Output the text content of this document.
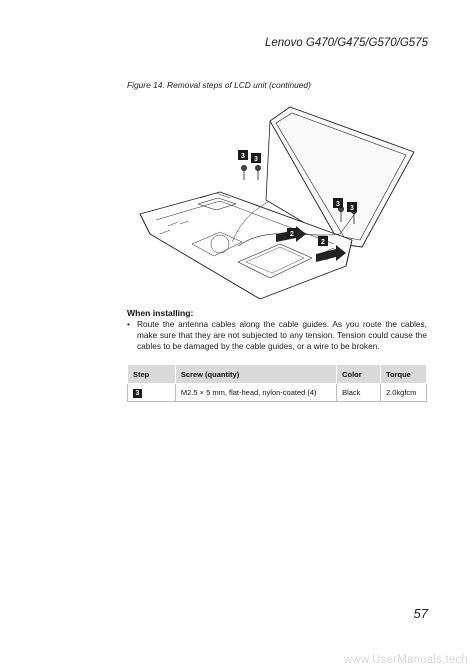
Lenovo G470/G475/G570/G575
Figure 14. Removal steps of LCD unit (continued)
3 3
3
3
2
2
When installing:
• Route the antenna cables along the cable guides. As you route the cables, make sure that they are not subjected to any tension. Tension could cause the cables to be damaged by the cable guides, or a wire to be broken.
Step	Screw (quantity)	Color	Torque
3	M2.5 × 5 mm, flat-head, nylon-coated (4)	Black	2.0kgfcm
57
www.UserManuals.tech
